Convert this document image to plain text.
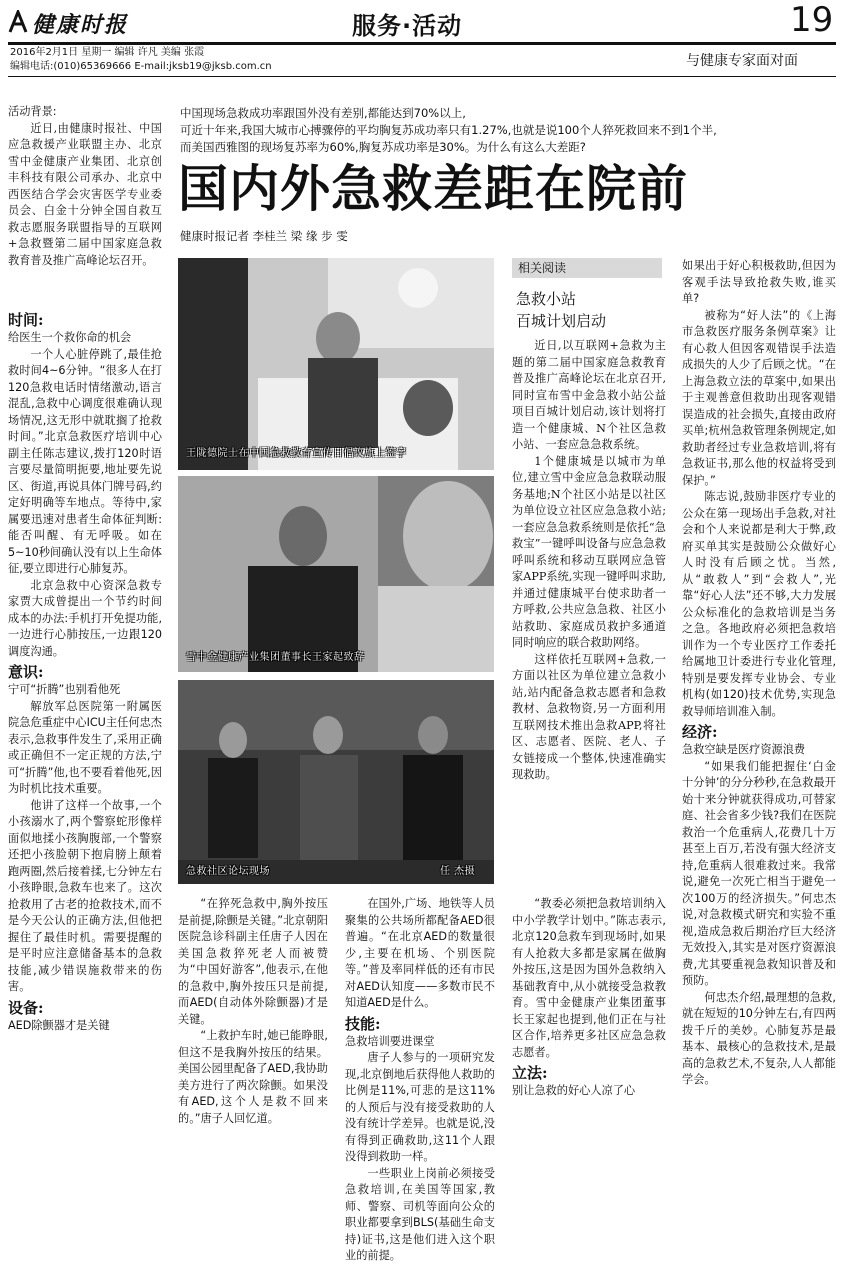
健康时报	服务·活动	19
2016年2月1日 星期一 编辑 许凡 美编 张霞
编辑电话:(010)65369666 E-mail:jksb19@jksb.com.cn	与健康专家面对面
中国现场急救成功率跟国外没有差别,都能达到70%以上,
可近十年来,我国大城市心搏骤停的平均胸复苏成功率只有1.27%,也就是说100个人猝死救回来不到1个半,
而美国西雅图的现场复苏率为60%,胸复苏成功率是30%。为什么有这么大差距?
国内外急救差距在院前
健康时报记者 李桂兰 梁 缘 步 雯
活动背景:

近日,由健康时报社、中国应急救援产业联盟主办、北京雪中金健康产业集团、北京创丰科技有限公司承办、北京中西医结合学会灾害医学专业委员会、白金十分钟全国自救互救志愿服务联盟指导的互联网+急救暨第二届中国家庭急救教育普及推广高峰论坛召开。

时间:
给医生一个救你命的机会

一个人心脏停跳了,最佳抢救时间4~6分钟。“很多人在打120急救电话时情绪激动,语言混乱,急救中心调度很难确认现场情况,这无形中就耽搁了抢救时间。”北京急救医疗培训中心副主任陈志建议,拨打120时语言要尽量简明扼要,地址要先说区、街道,再说具体门牌号码,约定好明确等车地点。等待中,家属要迅速对患者生命体征判断:能否叫醒、有无呼吸。如在5~10秒间确认没有以上生命体征,要立即进行心肺复苏。

北京急救中心资深急救专家贾大成曾提出一个节约时间成本的办法:手机打开免提功能,一边进行心肺按压,一边跟120调度沟通。

意识:
宁可“折腾”也别看他死

解放军总医院第一附属医院急危重症中心ICU主任何忠杰表示,急救事件发生了,采用正确或正确但不一定正规的方法,宁可“折腾”他,也不要看着他死,因为时机比技术重要。

他讲了这样一个故事,一个小孩溺水了,两个警察蛇形像样面似地揉小孩胸腹部,一个警察还把小孩脸朝下抱肩膀上颠着跑两圈,然后接着揉,七分钟左右小孩睁眼,急救车也来了。这次抢救用了古老的抢救技术,而不是今天公认的正确方法,但他把握住了最佳时机。需要提醒的是平时应注意储备基本的急救技能,减少错误施救带来的伤害。

设备:
AED除颤器才是关键
王陇德院士在中国急救教育宣传日倡议旗上签字
雪中金健康产业集团董事长王家起致辞
急救社区论坛现场	任 杰摄
相关阅读
急救小站
百城计划启动

近日,以互联网+急救为主题的第二届中国家庭急救教育普及推广高峰论坛在北京召开,同时宣布雪中金急救小站公益项目百城计划启动,该计划将打造一个健康城、N个社区急救小站、一套应急急救系统。

1个健康城是以城市为单位,建立雪中金应急急救联动服务基地;N个社区小站是以社区为单位设立社区应急急救小站;一套应急急救系统则是依托“急救宝”一键呼叫设备与应急急救呼叫系统和移动互联网应急管家APP系统,实现一键呼叫求助,并通过健康城平台使求助者一方呼救,公共应急急救、社区小站救助、家庭成员救护多通道同时响应的联合救助网络。

这样依托互联网+急救,一方面以社区为单位建立急救小站,站内配备急救志愿者和急救教材、急救物资,另一方面利用互联网技术推出急救APP,将社区、志愿者、医院、老人、子女链接成一个整体,快速准确实现救助。

如果出于好心积极救助,但因为客观手法导致抢救失败,谁买单?

被称为“好人法”的《上海市急救医疗服务条例草案》让有心救人但因客观错误手法造成损失的人少了后顾之忧。“在上海急救立法的草案中,如果出于主观善意但救助出现客观错误造成的社会损失,直接由政府买单;杭州急救管理条例规定,如救助者经过专业急救培训,将有急救证书,那么他的权益将受到保护。”

陈志说,鼓励非医疗专业的公众在第一现场出手急救,对社会和个人来说都是利大于弊,政府买单其实是鼓励公众做好心人时没有后顾之忧。当然,从“敢救人”到“会救人”,光靠“好心人法”还不够,大力发展公众标准化的急救培训是当务之急。各地政府必须把急救培训作为一个专业医疗工作委托给属地卫计委进行专业化管理,特别是要发挥专业协会、专业机构(如120)技术优势,实现急救导师培训准入制。

经济:
急救空缺是医疗资源浪费

“如果我们能把握住‘白金十分钟’的分分秒秒,在急救最开始十来分钟就获得成功,可替家庭、社会省多少钱?我们在医院救治一个危重病人,花费几十万甚至上百万,若没有强大经济支持,危重病人很难救过来。我常说,避免一次死亡相当于避免一次100万的经济损失。”何忠杰说,对急救模式研究和实验不重视,造成急救后期治疗巨大经济无效投入,其实是对医疗资源浪费,尤其要重视急救知识普及和预防。

何忠杰介绍,最理想的急救,就在短短的10分钟左右,有四两拨千斤的美妙。心肺复苏是最基本、最核心的急救技术,是最高的急救艺术,不复杂,人人都能学会。

“在猝死急救中,胸外按压是前提,除颤是关键。”北京朝阳医院急诊科副主任唐子人因在美国急救猝死老人而被赞为“中国好游客”,他表示,在他的急救中,胸外按压只是前提,而AED(自动体外除颤器)才是关键。

“上救护车时,她已能睁眼,但这不是我胸外按压的结果。美国公园里配备了AED,我协助美方进行了两次除颤。如果没有AED,这个人是救不回来的。”唐子人回忆道。

在国外,广场、地铁等人员聚集的公共场所都配备AED很普遍。“在北京AED的数量很少,主要在机场、个别医院等。”普及率同样低的还有市民对AED认知度——多数市民不知道AED是什么。

技能:
急救培训要进课堂

唐子人参与的一项研究发现,北京倒地后获得他人救助的比例是11%,可悲的是这11%的人预后与没有接受救助的人没有统计学差异。也就是说,没有得到正确救助,这11个人跟没得到救助一样。

一些职业上岗前必须接受急救培训,在美国等国家,教师、警察、司机等面向公众的职业都要拿到BLS(基础生命支持)证书,这是他们进入这个职业的前提。

“教委必须把急救培训纳入中小学教学计划中。”陈志表示,北京120急救车到现场时,如果有人抢救大多都是家属在做胸外按压,这是因为国外急救纳入基础教育中,从小就接受急救教育。雪中金健康产业集团董事长王家起也提到,他们正在与社区合作,培养更多社区应急急救志愿者。

立法:
别让急救的好心人凉了心
